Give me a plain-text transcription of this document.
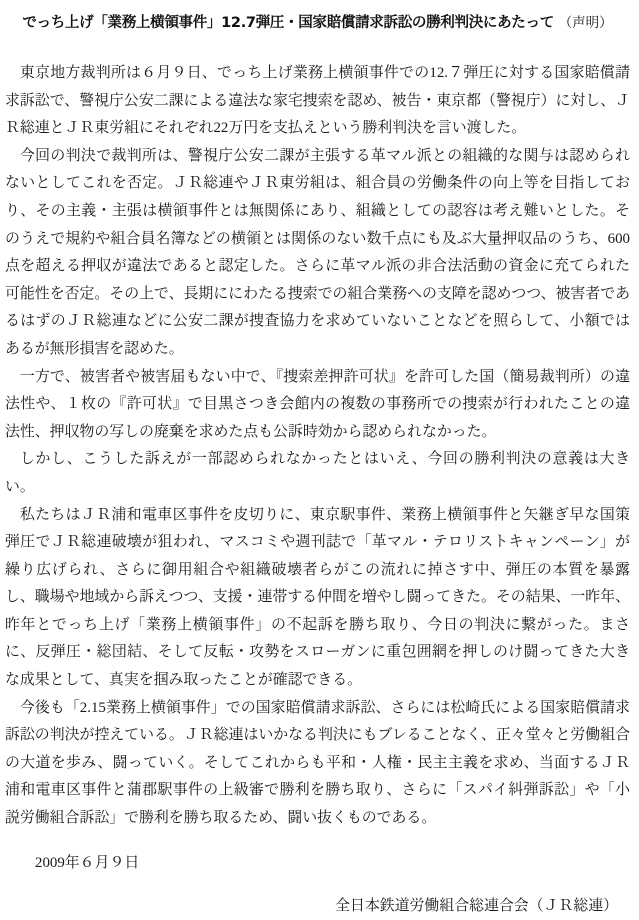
でっち上げ「業務上横領事件」12.7弾圧・国家賠償請求訴訟の勝利判決にあたって （声明）

東京地方裁判所は６月９日、でっち上げ業務上横領事件での12.７弾圧に対する国家賠償請求訴訟で、警視庁公安二課による違法な家宅捜索を認め、被告・東京都（警視庁）に対し、ＪＲ総連とＪＲ東労組にそれぞれ22万円を支払えという勝利判決を言い渡した。

今回の判決で裁判所は、警視庁公安二課が主張する革マル派との組織的な関与は認められないとしてこれを否定。ＪＲ総連やＪＲ東労組は、組合員の労働条件の向上等を目指しており、その主義・主張は横領事件とは無関係にあり、組織としての認容は考え難いとした。そのうえで規約や組合員名簿などの横領とは関係のない数千点にも及ぶ大量押収品のうち、600点を超える押収が違法であると認定した。さらに革マル派の非合法活動の資金に充てられた可能性を否定。その上で、長期ににわたる捜索での組合業務への支障を認めつつ、被害者であるはずのＪＲ総連などに公安二課が捜査協力を求めていないことなどを照らして、小額ではあるが無形損害を認めた。

一方で、被害者や被害届もない中で、『捜索差押許可状』を許可した国（簡易裁判所）の違法性や、１枚の『許可状』で目黒さつき会館内の複数の事務所での捜索が行われたことの違法性、押収物の写しの廃棄を求めた点も公訴時効から認められなかった。

しかし、こうした訴えが一部認められなかったとはいえ、今回の勝利判決の意義は大きい。

私たちはＪＲ浦和電車区事件を皮切りに、東京駅事件、業務上横領事件と矢継ぎ早な国策弾圧でＪＲ総連破壊が狙われ、マスコミや週刊誌で「革マル・テロリストキャンペーン」が繰り広げられ、さらに御用組合や組織破壊者らがこの流れに掉さす中、弾圧の本質を暴露し、職場や地域から訴えつつ、支援・連帯する仲間を増やし闘ってきた。その結果、一昨年、昨年とでっち上げ「業務上横領事件」の不起訴を勝ち取り、今日の判決に繋がった。まさに、反弾圧・総団結、そして反転・攻勢をスローガンに重包囲網を押しのけ闘ってきた大きな成果として、真実を掴み取ったことが確認できる。

今後も「2.15業務上横領事件」での国家賠償請求訴訟、さらには松崎氏による国家賠償請求訴訟の判決が控えている。ＪＲ総連はいかなる判決にもブレることなく、正々堂々と労働組合の大道を歩み、闘っていく。そしてこれからも平和・人権・民主主義を求め、当面するＪＲ浦和電車区事件と蒲郡駅事件の上級審で勝利を勝ち取り、さらに「スパイ糾弾訴訟」や「小説労働組合訴訟」で勝利を勝ち取るため、闘い抜くものである。

2009年６月９日
全日本鉄道労働組合総連合会（ＪＲ総連）
